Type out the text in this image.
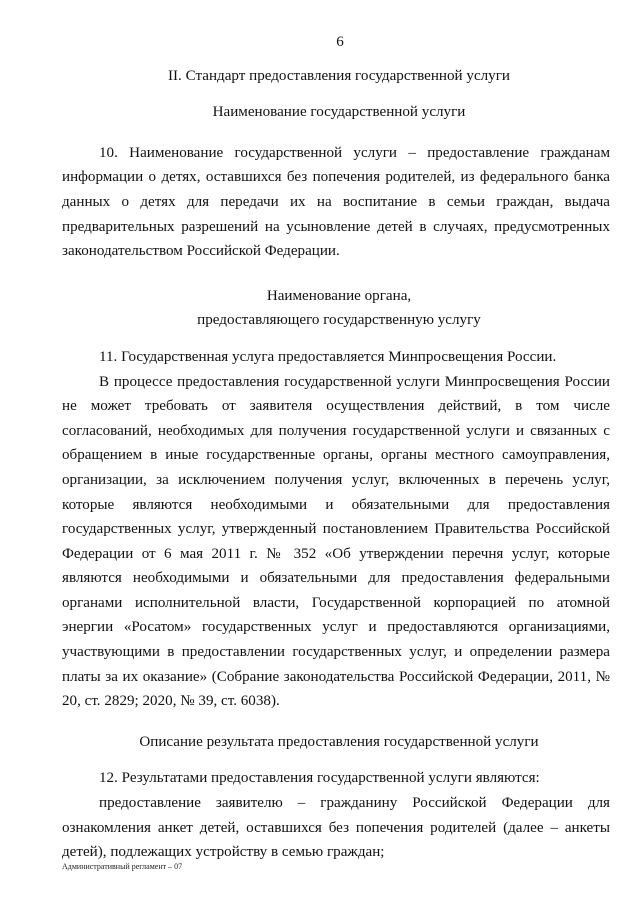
6
II. Стандарт предоставления государственной услуги
Наименование государственной услуги

10. Наименование государственной услуги – предоставление гражданам информации о детях, оставшихся без попечения родителей, из федерального банка данных о детях для передачи их на воспитание в семьи граждан, выдача предварительных разрешений на усыновление детей в случаях, предусмотренных законодательством Российской Федерации.

Наименование органа,
предоставляющего государственную услугу

11. Государственная услуга предоставляется Минпросвещения России.

В процессе предоставления государственной услуги Минпросвещения России не может требовать от заявителя осуществления действий, в том числе согласований, необходимых для получения государственной услуги и связанных с обращением в иные государственные органы, органы местного самоуправления, организации, за исключением получения услуг, включенных в перечень услуг, которые являются необходимыми и обязательными для предоставления государственных услуг, утвержденный постановлением Правительства Российской Федерации от 6 мая 2011 г. № 352 «Об утверждении перечня услуг, которые являются необходимыми и обязательными для предоставления федеральными органами исполнительной власти, Государственной корпорацией по атомной энергии «Росатом» государственных услуг и предоставляются организациями, участвующими в предоставлении государственных услуг, и определении размера платы за их оказание» (Собрание законодательства Российской Федерации, 2011, № 20, ст. 2829; 2020, № 39, ст. 6038).

Описание результата предоставления государственной услуги

12. Результатами предоставления государственной услуги являются:

предоставление заявителю – гражданину Российской Федерации для ознакомления анкет детей, оставшихся без попечения родителей (далее – анкеты детей), подлежащих устройству в семью граждан;

Административный регламент – 07
